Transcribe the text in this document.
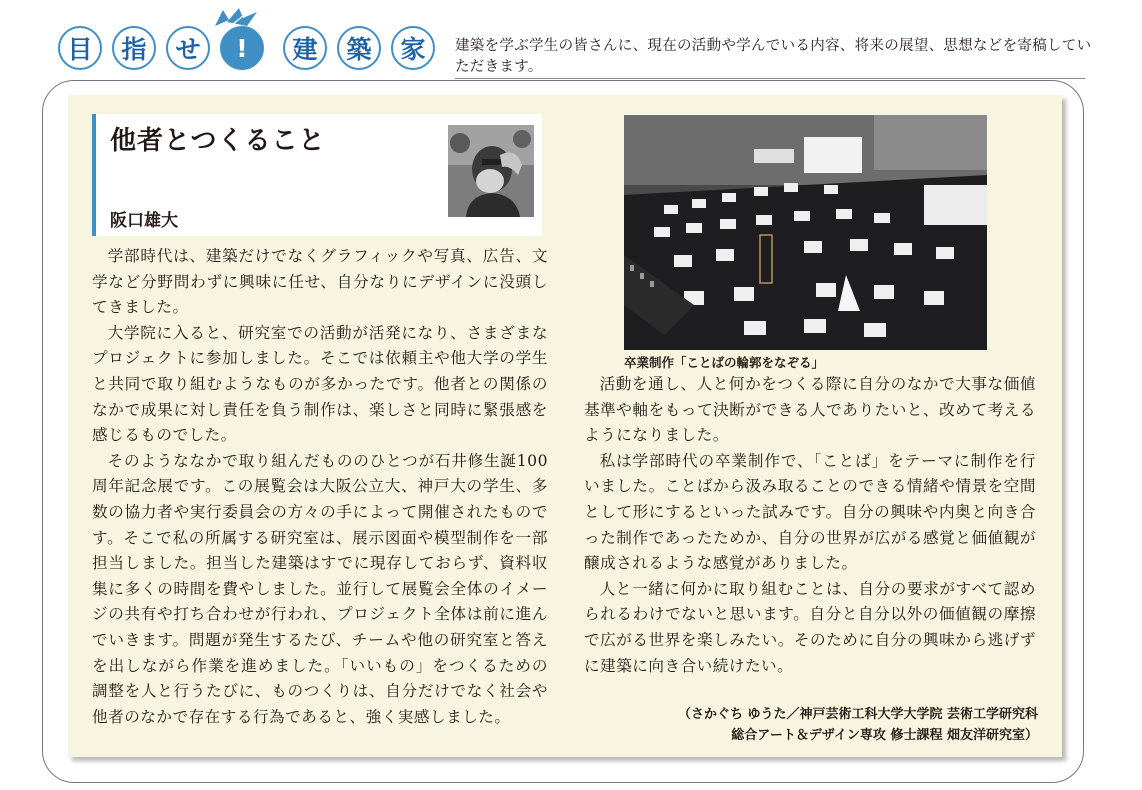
目	指	せ	!	建	築	家	建築を学ぶ学生の皆さんに、現在の活動や学んでいる内容、将来の展望、思想などを寄稿していただきます。
他者とつくること
阪口雄大

学部時代は、建築だけでなくグラフィックや写真、広告、文学など分野問わずに興味に任せ、自分なりにデザインに没頭してきました。

大学院に入ると、研究室での活動が活発になり、さまざまなプロジェクトに参加しました。そこでは依頼主や他大学の学生と共同で取り組むようなものが多かったです。他者との関係のなかで成果に対し責任を負う制作は、楽しさと同時に緊張感を感じるものでした。

そのようななかで取り組んだもののひとつが石井修生誕100周年記念展です。この展覧会は大阪公立大、神戸大の学生、多数の協力者や実行委員会の方々の手によって開催されたものです。そこで私の所属する研究室は、展示図面や模型制作を一部担当しました。担当した建築はすでに現存しておらず、資料収集に多くの時間を費やしました。並行して展覧会全体のイメージの共有や打ち合わせが行われ、プロジェクト全体は前に進んでいきます。問題が発生するたび、チームや他の研究室と答えを出しながら作業を進めました。「いいもの」をつくるための調整を人と行うたびに、ものつくりは、自分だけでなく社会や他者のなかで存在する行為であると、強く実感しました。

卒業制作「ことばの輪郭をなぞる」

活動を通し、人と何かをつくる際に自分のなかで大事な価値基準や軸をもって決断ができる人でありたいと、改めて考えるようになりました。

私は学部時代の卒業制作で、「ことば」をテーマに制作を行いました。ことばから汲み取ることのできる情緒や情景を空間として形にするといった試みです。自分の興味や内奥と向き合った制作であったためか、自分の世界が広がる感覚と価値観が醸成されるような感覚がありました。

人と一緒に何かに取り組むことは、自分の要求がすべて認められるわけでないと思います。自分と自分以外の価値観の摩擦で広がる世界を楽しみたい。そのために自分の興味から逃げずに建築に向き合い続けたい。

（さかぐち ゆうた／神戸芸術工科大学大学院 芸術工学研究科
総合アート＆デザイン専攻 修士課程 畑友洋研究室）
